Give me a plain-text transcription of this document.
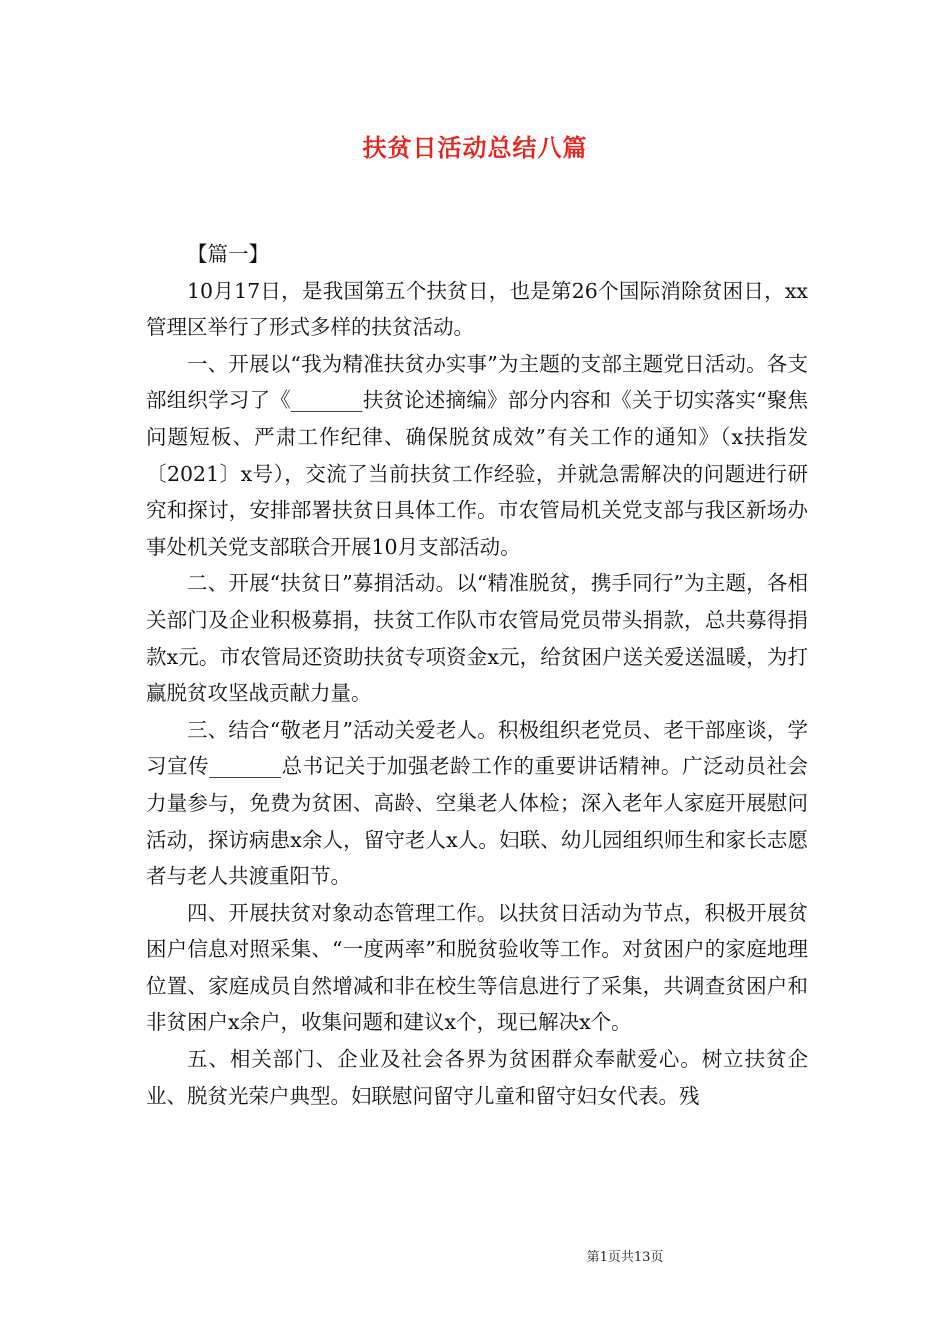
扶贫日活动总结八篇

【篇一】

10月17日，是我国第五个扶贫日，也是第26个国际消除贫困日，xx管理区举行了形式多样的扶贫活动。

一、开展以“我为精准扶贫办实事”为主题的支部主题党日活动。各支部组织学习了《_______扶贫论述摘编》部分内容和《关于切实落实“聚焦问题短板、严肃工作纪律、确保脱贫成效”有关工作的通知》（x扶指发〔2021〕x号），交流了当前扶贫工作经验，并就急需解决的问题进行研究和探讨，安排部署扶贫日具体工作。市农管局机关党支部与我区新场办事处机关党支部联合开展10月支部活动。

二、开展“扶贫日”募捐活动。以“精准脱贫，携手同行”为主题，各相关部门及企业积极募捐，扶贫工作队市农管局党员带头捐款，总共募得捐款x元。市农管局还资助扶贫专项资金x元，给贫困户送关爱送温暖，为打赢脱贫攻坚战贡献力量。

三、结合“敬老月”活动关爱老人。积极组织老党员、老干部座谈，学习宣传_______总书记关于加强老龄工作的重要讲话精神。广泛动员社会力量参与，免费为贫困、高龄、空巢老人体检；深入老年人家庭开展慰问活动，探访病患x余人，留守老人x人。妇联、幼儿园组织师生和家长志愿者与老人共渡重阳节。

四、开展扶贫对象动态管理工作。以扶贫日活动为节点，积极开展贫困户信息对照采集、“一度两率”和脱贫验收等工作。对贫困户的家庭地理位置、家庭成员自然增减和非在校生等信息进行了采集，共调查贫困户和非贫困户x余户，收集问题和建议x个，现已解决x个。

五、相关部门、企业及社会各界为贫困群众奉献爱心。树立扶贫企业、脱贫光荣户典型。妇联慰问留守儿童和留守妇女代表。残

第1页共13页
